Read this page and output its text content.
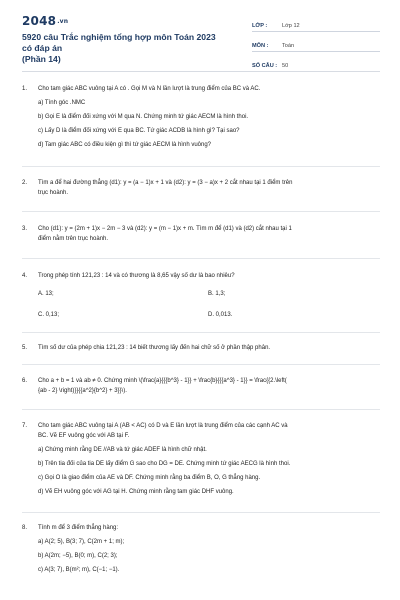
2048.vn
5920 câu Trắc nghiệm tổng hợp môn Toán 2023 có đáp án
(Phần 14)
LỚP :	Lớp 12
MÔN :	Toán
SỐ CÂU : 50
1.	Cho tam giác ABC vuông tại A có . Gọi M và N lần lượt là trung điểm của BC và AC.
a) Tính góc .NMC
b) Gọi E là điểm đối xứng với M qua N. Chứng minh tứ giác AECM là hình thoi.
c) Lấy D là điểm đối xứng với E qua BC. Tứ giác ACDB là hình gì? Tại sao?
d) Tam giác ABC có điều kiện gì thì tứ giác AECM là hình vuông?
2.	Tìm a để hai đường thẳng (d1): y = (a − 1)x + 1 và (d2): y = (3 − a)x + 2 cắt nhau tại 1 điểm trên
trục hoành.
3.	Cho (d1): y = (2m + 1)x − 2m − 3 và (d2): y = (m − 1)x + m. Tìm m để (d1) và (d2) cắt nhau tại 1
điểm nằm trên trục hoành.
4.	Trong phép tính 121,23 : 14 và có thương là 8,65 vậy số dư là bao nhiêu?
A. 13;	B. 1,3;
C. 0,13;	D. 0,013.
5.	Tìm số dư của phép chia 121,23 : 14 biết thương lấy đến hai chữ số ở phần thập phân.
6.	Cho a + b = 1 và ab ≠ 0. Chứng minh \(\frac{a}{{{b^3} - 1}} + \frac{b}{{{a^3} - 1}} = \frac{{2.\left(
{ab - 2} \right)}}{{a^2}{b^2} + 3}}\).
7.	Cho tam giác ABC vuông tại A (AB < AC) có D và E lần lượt là trung điểm của các cạnh AC và
BC. Vẽ EF vuông góc với AB tại F.
a) Chứng minh rằng DE //AB và tứ giác ADEF là hình chữ nhật.
b) Trên tia đối của tia DE lấy điểm G sao cho DG = DE. Chứng minh tứ giác AECG là hình thoi.
c) Gọi O là giao điểm của AE và DF. Chứng minh rằng ba điểm B, O, G thẳng hàng.
d) Vẽ EH vuông góc với AG tại H. Chứng minh rằng tam giác DHF vuông.
8.	Tính m để 3 điểm thẳng hàng:
a) A(2; 5), B(3; 7), C(2m + 1; m);
b) A(2m; −5), B(0; m), C(2; 3);
c) A(3; 7), B(m²; m), C(−1; −1).
